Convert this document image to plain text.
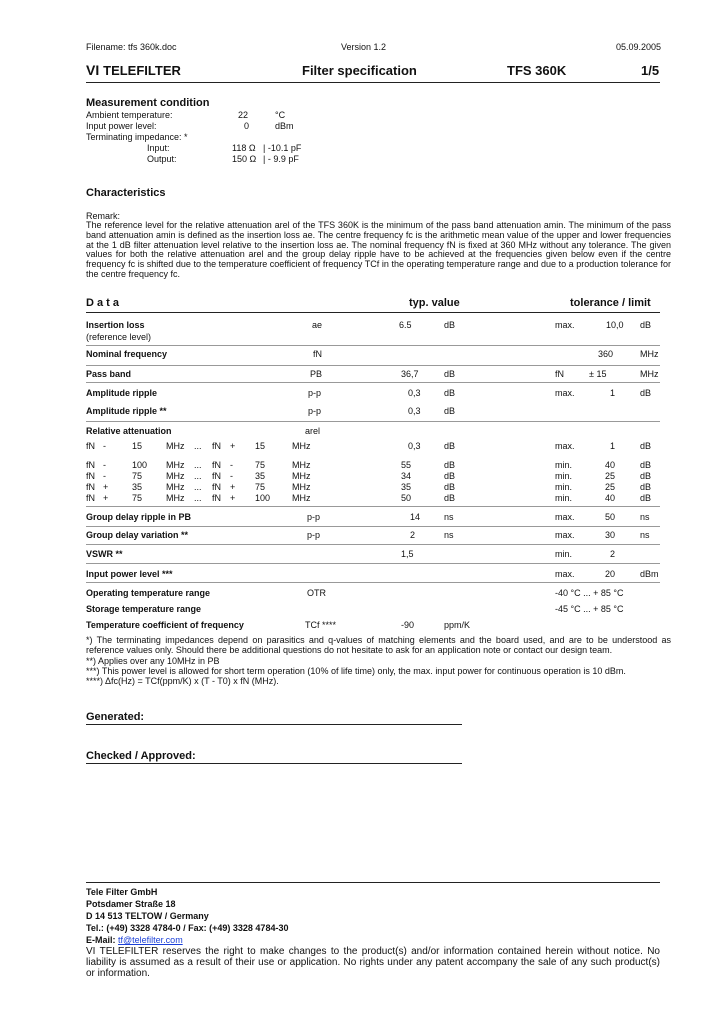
Filename: tfs 360k.doc	Version 1.2	05.09.2005
VI TELEFILTER	Filter specification	TFS 360K	1/5
Measurement condition
Ambient temperature:	22	°C
Input power level:	0	dBm
Terminating impedance: *
Input:	118 Ω | -10.1 pF
Output:	150 Ω | - 9.9 pF
Characteristics
Remark:
The reference level for the relative attenuation arel of the TFS 360K is the minimum of the pass band attenuation amin. The minimum of the pass band attenuation amin is defined as the insertion loss ae. The centre frequency fc is the arithmetic mean value of the upper and lower frequencies at the 1 dB filter attenuation level relative to the insertion loss ae. The nominal frequency fN is fixed at 360 MHz without any tolerance. The given values for both the relative attenuation arel and the group delay ripple have to be achieved at the frequencies given below even if the centre frequency fc is shifted due to the temperature coefficient of frequency TCf in the operating temperature range and due to a production tolerance for the centre frequency fc.
D a t a	typ. value	tolerance / limit
Insertion loss	ae	6.5	dB	max.	10,0 dB
(reference level)
Nominal frequency	fN	360	MHz
Pass band	PB	36,7	dB	fN	± 15	MHz
Amplitude ripple	p-p	0,3	dB	max.	1	dB
Amplitude ripple **	p-p	0,3	dB
Relative attenuation	arel
fN -	15	MHz ... fN + 15	MHz	0,3	dB	max.	1	dB
fN -	100 MHz ... fN - 75	MHz	55	dB	min.	40	dB
fN -	75	MHz ... fN - 35	MHz	34	dB	min.	25	dB
fN +	35	MHz ... fN + 75	MHz	35	dB	min.	25	dB
fN +	75	MHz ... fN + 100 MHz	50	dB	min.	40	dB
Group delay ripple in PB	p-p	14	ns	max.	50	ns
Group delay variation **	p-p	2	ns	max.	30	ns
VSWR **	1,5	min.	2
Input power level ***	max.	20	dBm
Operating temperature range	OTR	-40 °C ... + 85 °C
Storage temperature range	-45 °C ... + 85 °C
Temperature coefficient of frequency	TCf ****	-90	ppm/K
*) The terminating impedances depend on parasitics and q-values of matching elements and the board used, and are to be understood as reference values only. Should there be additional questions do not hesitate to ask for an application note or contact our design team.
**) Applies over any 10MHz in PB
***) This power level is allowed for short term operation (10% of life time) only, the max. input power for continuous operation is 10 dBm.
****) Δfc(Hz) = TCf(ppm/K) x (T - T0) x fN (MHz).
Generated:
Checked / Approved:
Tele Filter GmbH
Potsdamer Straße 18
D 14 513 TELTOW / Germany
Tel.: (+49) 3328 4784-0 / Fax: (+49) 3328 4784-30
E-Mail: tf@telefilter.com
VI TELEFILTER reserves the right to make changes to the product(s) and/or information contained herein without notice. No liability is assumed as a result of their use or application. No rights under any patent accompany the sale of any such product(s) or information.
